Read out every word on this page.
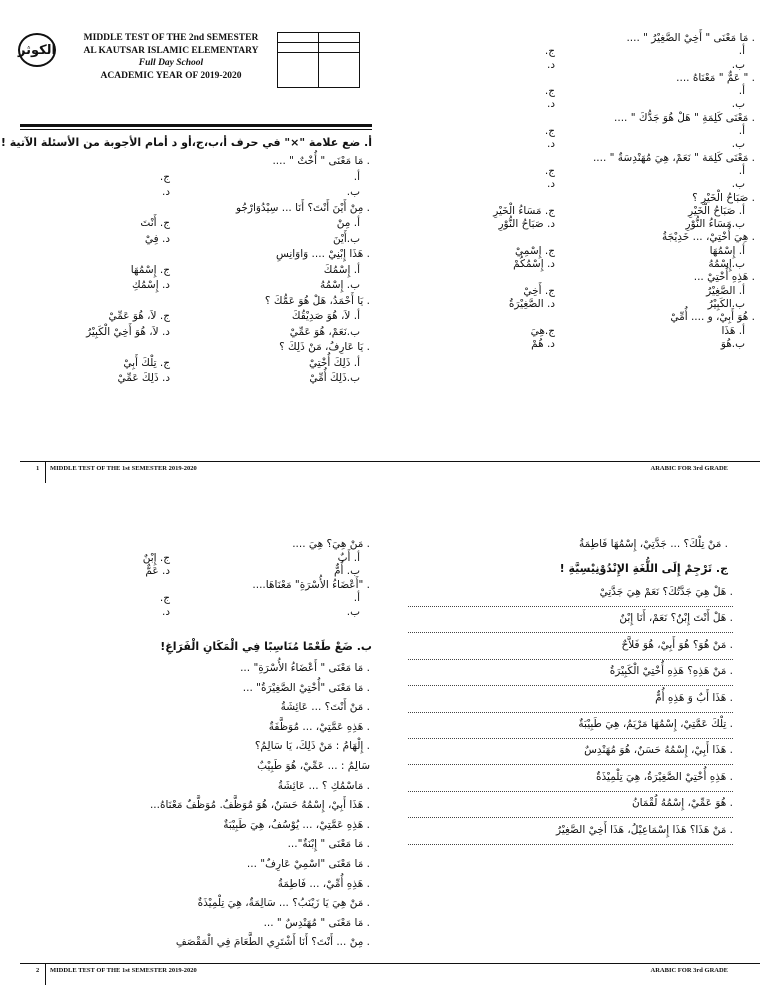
الكوثر
MIDDLE TEST OF THE 2nd SEMESTER
AL KAUTSAR ISLAMIC ELEMENTARY
Full Day School
ACADEMIC YEAR OF 2019-2020

أ. ضع علامة "×" في حرف أ،ب،ج،أو د أمام الأجوبة من الأسئلة الآتية !
. مَا مَعْنَى " أُخْتٌ " ....
أ.
ب.
ج.
د.
. مِنْ أَيْنَ أَنْتَ؟ أَنَا ... سِيْدُوَارْجُو
أ. مِنْ
ب.أَيْنَ
ج. أَنْتَ
د. فِيْ
. هَذَا إِبْنِيْ .... وَاوَانِسِ
أ. إِسْمُكَ
ب. إِسْمُهُ
ج. إِسْمُهَا
د. إِسْمُكِ
. يَا أَحْمَدُ، هَلْ هُوَ عَمُّكَ ؟
أ. لاَ، هُوَ صَدِيْقُكَ
ب.نَعَمْ، هُوَ عَمِّيْ
ج. لاَ، هُوَ عَمِّيْ
د. لاَ، هُوَ أَخِيْ الْكَبِيْرُ
. يَا عَارِفُ، مَنْ ذَلِكَ ؟
أ. ذَلِكَ أُخْتِيْ
ب.ذَلِكَ أُمِّيْ
ج. تِلْكَ أَبِيْ
د. ذَلِكَ عَمِّيْ
. مَا مَعْنَى " أَخِيْ الصَّغِيْرُ " ....
أ.
ب.
ج.
د.
. " عَمٌّ " مَعْنَاهُ ....
أ.
ب.
ج.
د.
. مَعْنَى كَلِمَةِ " هَلْ هُوَ جَدُّكَ " ....
أ.
ب.
ج.
د.
. مَعْنَى كَلِمَة " نَعَمْ، هِيَ مُهَنْدِسَةٌ " ....
أ.
ب.
ج.
د.
. صَبَاحُ الْخَيْرِ ؟
أ. صَبَاحُ الْخَيْرِ
ب.مَسَاءُ النُّوْرِ
ج. مَسَاءُ الْخَيْرِ
د. صَبَاحُ النُّوْرِ
. هِيَ أُخْتِيْ، ... خَدِيْجَةُ
أ. إِسْمُهَا
ب.إِسْمُهُ
ج. إِسْمِيْ
د. إِسْمُكُمْ
. هَذِهِ أُخْتِيْ ...
أ. الصَّغِيْرُ
ب.الكَبِيْرُ
ج. أَخِيْ
د. الصَّغِيْرَةُ
. هُوَ أَبِيْ، و .... أُمِّيْ
أ. هَذَا
ب.هُوَ
ج.هِيَ
د. هُمْ
1 MIDDLE TEST OF THE 1st SEMESTER 2019-2020	ARABIC FOR 3rd GRADE
. مَنْ هِيَ؟ هِيَ ....
أ. أَبٌ
ب. أُمٌّ
ج. إِبْنٌ
د. عَمٌّ
. "أَعْضَاءُ الأُسْرَةِ" مَعْنَاهَا....
أ.
ب.
ج.
د.
ب. ضَعْ طَعْمًا مُنَاسِبًا فِي الْمَكَانِ الْفَرَاغِ!
. مَا مَعْنَى " أَعْضَاءُ الأُسْرَةِ" ...
. مَا مَعْنَى "أُخْتِيْ الصَّغِيْرَةُ" ...
. مَنْ أَنْتَ؟ ... عَائِشَةُ
. هَذِهِ عَمَّتِيْ، ... مُوَظَّفَةٌ
. إِلْهَامُ : مَنْ ذَلِكَ، يَا سَالِمُ؟
سَالِمُ : ... عَمِّيْ، هُوَ طَبِيْبٌ
. مَاسْمُكِ ؟ ... عَائِشَةُ
. هَذَا أَبِيْ، إِسْمُهُ حَسَنٌ، هُوَ مُوَظَّفٌ. مُوَظَّفٌ مَعْنَاهُ...
. هَذِهِ عَمَّتِيْ، ... يُوْسُفُ، هِيَ طَبِيْبَةٌ
. مَا مَعْنَى " إِبْنَةٌ"...
. مَا مَعْنَى "اسْمِيْ عَارِفٌ" ...
. هَذِهِ أُمِّيْ، ... فَاطِمَةُ
. مَنْ هِيَ يَا زَيْنَبُ؟ ... سَالِمَةٌ، هِيَ تِلْمِيْذَةٌ
. مَا مَعْنَى " مُهَنْدِسٌ " ...
. مِنْ ... أَنْتَ؟ أَنَا أَشْتَرِي الطَّعَامَ فِي الْمَقْصَفِ
. مَنْ تِلْكَ؟ ... جَدَّتِيْ، إِسْمُهَا فَاطِمَةُ
ج. تَرْجِمْ إِلَى اللُّغَةِ الإِنْدُوْنِيْسِيَّةِ !
. هَلْ هِيَ جَدَّتُكَ؟ نَعَمْ هِيَ جَدَّتِيْ
. هَلْ أَنْتَ إِبْنٌ؟ نَعَمْ، أَنَا إِبْنٌ
. مَنْ هُوَ؟ هُوَ أَبِيْ، هُوَ فَلاَّحٌ
. مَنْ هَذِهِ؟ هَذِهِ أُخْتِيْ الْكَبِيْرَةُ
. هَذَا أَبٌ وَ هَذِهِ أُمٌّ
. تِلْكَ عَمَّتِيْ، إِسْمُهَا مَرْيَمُ، هِيَ طَبِيْبَةٌ
. هَذَا أَبِيْ، إِسْمُهُ حَسَنٌ، هُوَ مُهَنْدِسٌ
. هَذِهِ أُخْتِيْ الصَّغِيْرَةُ، هِيَ تِلْمِيْذَةٌ
. هُوَ عَمِّيْ، إِسْمُهُ لُقْمَانُ
. مَنْ هَذَا؟ هَذَا إِسْمَاعِيْلُ، هَذَا أَخِيْ الصَّغِيْرُ
2 MIDDLE TEST OF THE 1st SEMESTER 2019-2020	ARABIC FOR 3rd GRADE
